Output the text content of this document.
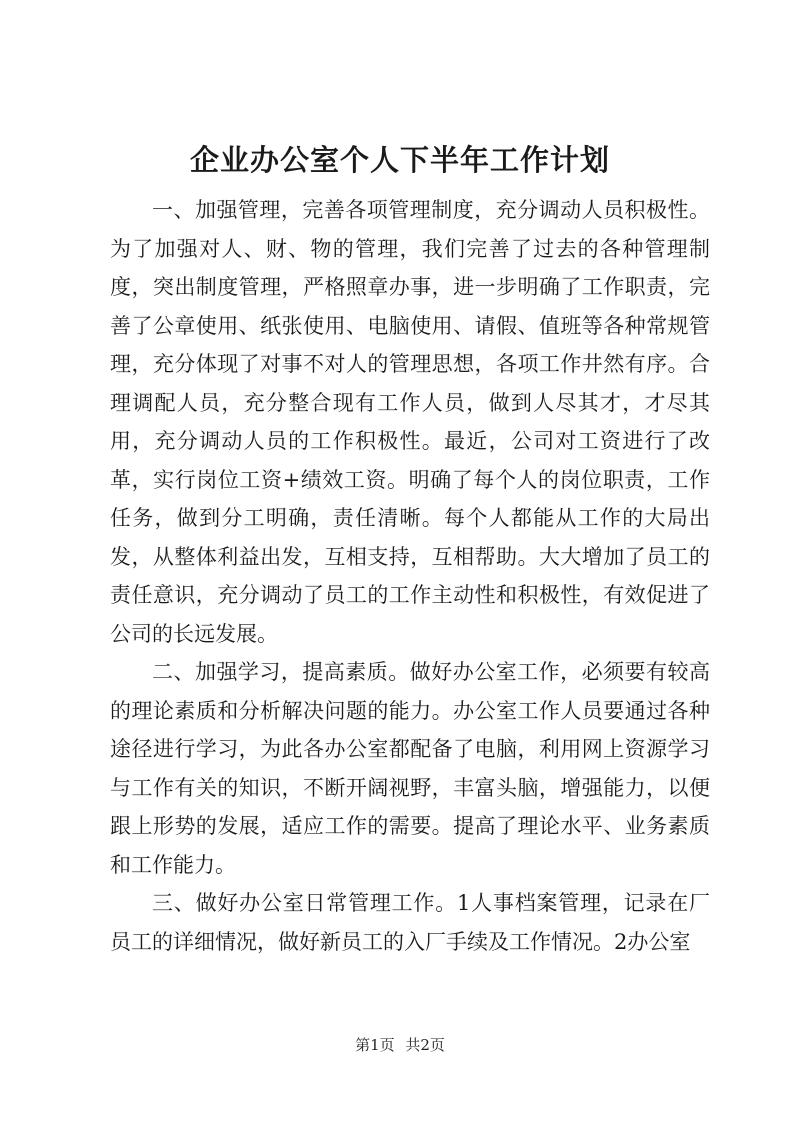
企业办公室个人下半年工作计划

一、加强管理，完善各项管理制度，充分调动人员积极性。为了加强对人、财、物的管理，我们完善了过去的各种管理制度，突出制度管理，严格照章办事，进一步明确了工作职责，完善了公章使用、纸张使用、电脑使用、请假、值班等各种常规管理，充分体现了对事不对人的管理思想，各项工作井然有序。合理调配人员，充分整合现有工作人员，做到人尽其才，才尽其用，充分调动人员的工作积极性。最近，公司对工资进行了改革，实行岗位工资+绩效工资。明确了每个人的岗位职责，工作任务，做到分工明确，责任清晰。每个人都能从工作的大局出发，从整体利益出发，互相支持，互相帮助。大大增加了员工的责任意识，充分调动了员工的工作主动性和积极性，有效促进了公司的长远发展。

二、加强学习，提高素质。做好办公室工作，必须要有较高的理论素质和分析解决问题的能力。办公室工作人员要通过各种途径进行学习，为此各办公室都配备了电脑，利用网上资源学习与工作有关的知识，不断开阔视野，丰富头脑，增强能力，以便跟上形势的发展，适应工作的需要。提高了理论水平、业务素质和工作能力。

三、做好办公室日常管理工作。1人事档案管理，记录在厂员工的详细情况，做好新员工的入厂手续及工作情况。2办公室

第1页 共2页
